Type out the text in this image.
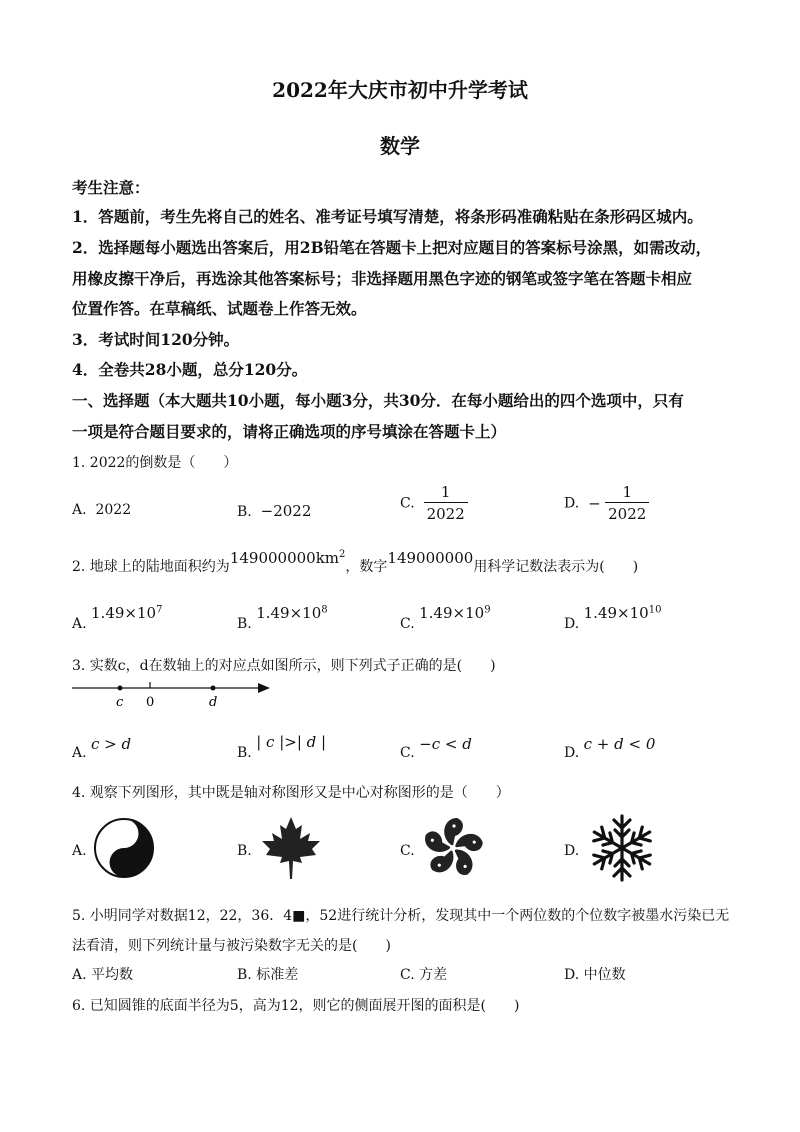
2022年大庆市初中升学考试
数学
考生注意：
1．答题前，考生先将自己的姓名、准考证号填写清楚，将条形码准确粘贴在条形码区城内。
2．选择题每小题选出答案后，用2B铅笔在答题卡上把对应题目的答案标号涂黑，如需改动，
用橡皮擦干净后，再选涂其他答案标号；非选择题用黑色字迹的钢笔或签字笔在答题卡相应
位置作答。在草稿纸、试题卷上作答无效。
3．考试时间120分钟。
4．全卷共28小题，总分120分。
一、选择题（本大题共10小题，每小题3分，共30分．在每小题给出的四个选项中，只有
一项是符合题目要求的，请将正确选项的序号填涂在答题卡上）
1. 2022的倒数是（　　）
A. 2022	B. −2022	C. $\frac{1}{2022}$	D. − $\frac{1}{2022}$
2. 地球上的陆地面积约为$149000000km^2$，数字149000000用科学记数法表示为(　　)
A. $1.49\times 10^7$
B. $1.49\times 10^8$
C. $1.49\times 10^9$
D. $1.49\times 10^{10}$
3. 实数c，d在数轴上的对应点如图所示，则下列式子正确的是(　　)
c 0	d
A. c > d	B. | c |>| d |
C. −c < d	D. c + d < 0
4. 观察下列图形，其中既是轴对称图形又是中心对称图形的是（　　）
A.	B.	C.	D.
5. 小明同学对数据12，22，36．4■，52进行统计分析，发现其中一个两位数的个位数字被墨水污染已无
法看清，则下列统计量与被污染数字无关的是(　　)
A. 平均数	B. 标准差	C. 方差	D. 中位数
6. 已知圆锥的底面半径为5，高为12，则它的侧面展开图的面积是(　　)
